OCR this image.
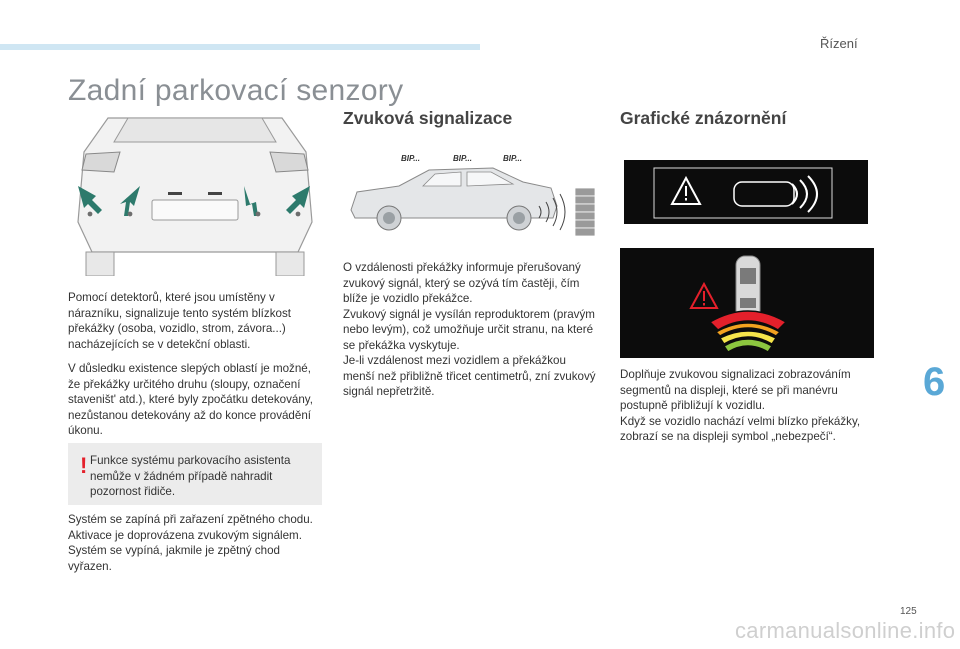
Řízení
Zadní parkovací senzory

Pomocí detektorů, které jsou umístěny v nárazníku, signalizuje tento systém blízkost překážky (osoba, vozidlo, strom, závora...) nacházejících se v detekční oblasti.

V důsledku existence slepých oblastí je možné, že překážky určitého druhu (sloupy, označení staveništ' atd.), které byly zpočátku detekovány, nezůstanou detekovány až do konce provádění úkonu.

! Funkce systému parkovacího asistenta nemůže v žádném případě nahradit pozornost řidiče.
Systém se zapíná při zařazení zpětného chodu. Aktivace je doprovázena zvukovým signálem. Systém se vypíná, jakmile je zpětný chod vyřazen.
Zvuková signalizace
BIP...	BIP...	BIP...
O vzdálenosti překážky informuje přerušovaný zvukový signál, který se ozývá tím častěji, čím blíže je vozidlo překážce.
Zvukový signál je vysílán reproduktorem (pravým nebo levým), což umožňuje určit stranu, na které se překážka vyskytuje.
Je-li vzdálenost mezi vozidlem a překážkou menší než přibližně třicet centimetrů, zní zvukový signál nepřetržitě.
Grafické znázornění
Doplňuje zvukovou signalizaci zobrazováním segmentů na displeji, které se při manévru postupně přibližují k vozidlu.
Když se vozidlo nachází velmi blízko překážky, zobrazí se na displeji symbol „nebezpečí“.
6
125
carmanualsonline.info
